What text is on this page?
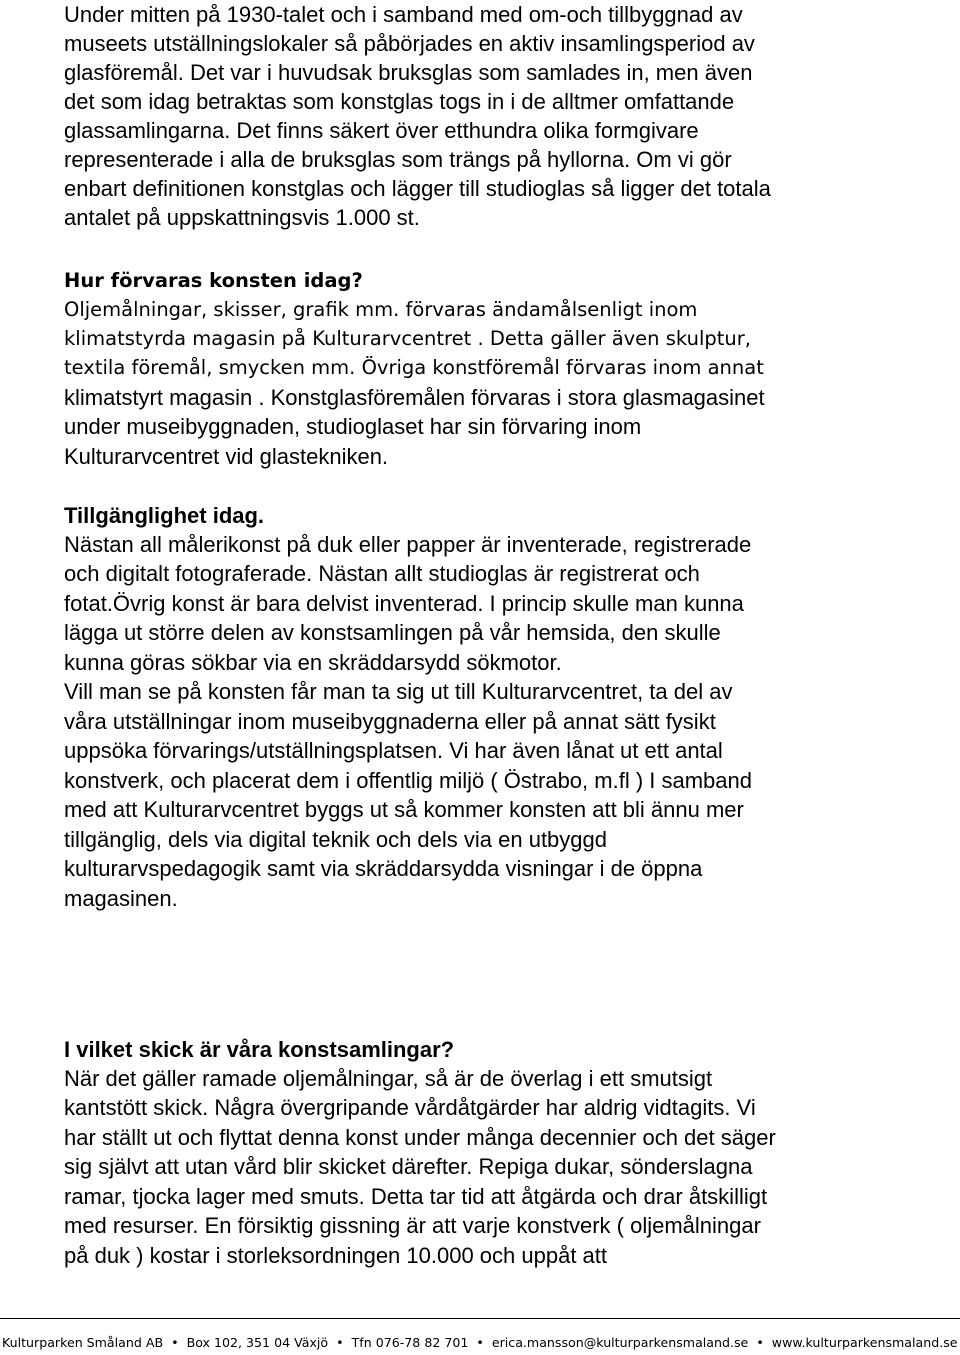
Under mitten på 1930-talet och i samband med om-och tillbyggnad av
museets utställningslokaler så påbörjades en aktiv insamlingsperiod av
glasföremål. Det var i huvudsak bruksglas som samlades in, men även
det som idag betraktas som konstglas togs in i de alltmer omfattande
glassamlingarna. Det finns säkert över etthundra olika formgivare
representerade i alla de bruksglas som trängs på hyllorna. Om vi gör
enbart definitionen konstglas och lägger till studioglas så ligger det totala
antalet på uppskattningsvis 1.000 st.
Hur förvaras konsten idag?
Oljemålningar, skisser, grafik mm. förvaras ändamålsenligt inom
klimatstyrda magasin på Kulturarvcentret . Detta gäller även skulptur,
textila föremål, smycken mm. Övriga konstföremål förvaras inom annat
klimatstyrt magasin . Konstglasföremålen förvaras i stora glasmagasinet
under museibyggnaden, studioglaset har sin förvaring inom
Kulturarvcentret vid glastekniken.
Tillgänglighet idag.
Nästan all målerikonst på duk eller papper är inventerade, registrerade
och digitalt fotograferade. Nästan allt studioglas är registrerat och
fotat.Övrig konst är bara delvist inventerad. I princip skulle man kunna
lägga ut större delen av konstsamlingen på vår hemsida, den skulle
kunna göras sökbar via en skräddarsydd sökmotor.
Vill man se på konsten får man ta sig ut till Kulturarvcentret, ta del av
våra utställningar inom museibyggnaderna eller på annat sätt fysikt
uppsöka förvarings/utställningsplatsen. Vi har även lånat ut ett antal
konstverk, och placerat dem i offentlig miljö ( Östrabo, m.fl ) I samband
med att Kulturarvcentret byggs ut så kommer konsten att bli ännu mer
tillgänglig, dels via digital teknik och dels via en utbyggd
kulturarvspedagogik samt via skräddarsydda visningar i de öppna
magasinen.
I vilket skick är våra konstsamlingar?
När det gäller ramade oljemålningar, så är de överlag i ett smutsigt
kantstött skick. Några övergripande vårdåtgärder har aldrig vidtagits. Vi
har ställt ut och flyttat denna konst under många decennier och det säger
sig självt att utan vård blir skicket därefter. Repiga dukar, sönderslagna
ramar, tjocka lager med smuts. Detta tar tid att åtgärda och drar åtskilligt
med resurser. En försiktig gissning är att varje konstverk ( oljemålningar
på duk ) kostar i storleksordningen 10.000 och uppåt att
Kulturparken Småland AB • Box 102, 351 04 Växjö • Tfn 076-78 82 701 • erica.mansson@kulturparkensmaland.se • www.kulturparkensmaland.se
